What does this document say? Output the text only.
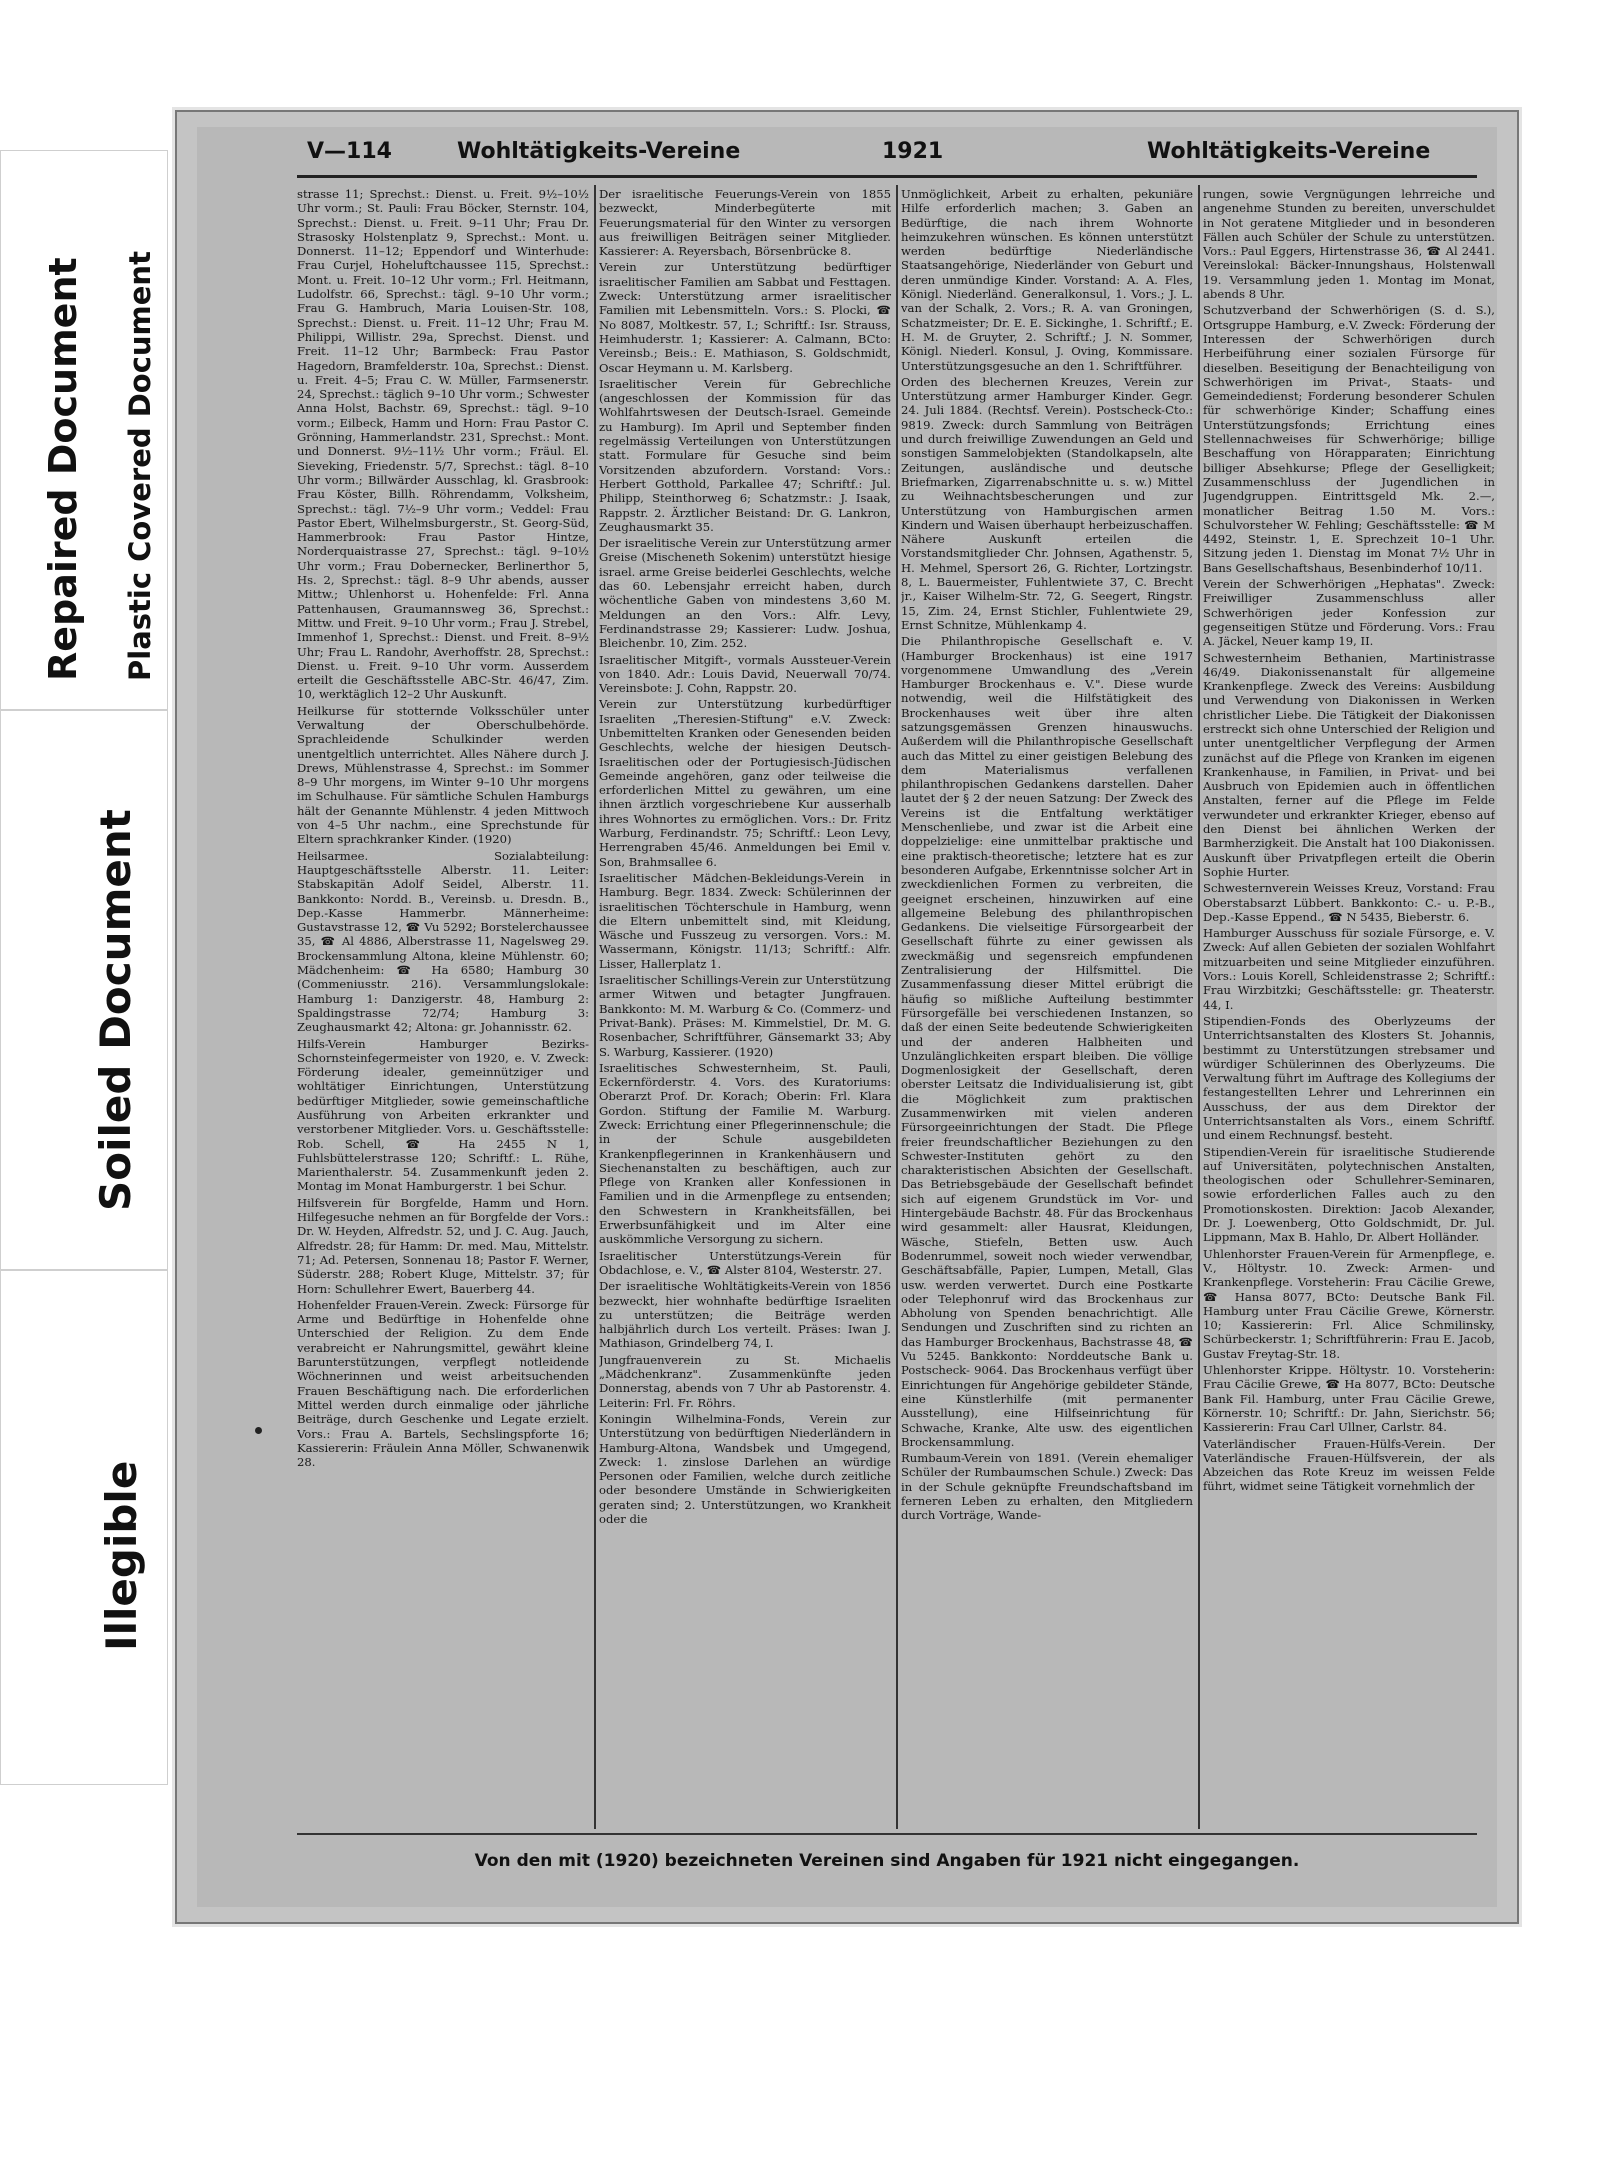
Repaired Document Plastic Covered Document
Soiled Document
Illegible
V—114	Wohltätigkeits-Vereine	1921	Wohltätigkeits-Vereine

strasse 11; Sprechst.: Dienst. u. Freit. 9½–10½ Uhr vorm.; St. Pauli: Frau Böcker, Sternstr. 104, Sprechst.: Dienst. u. Freit. 9–11 Uhr; Frau Dr. Strasosky Holstenplatz 9, Sprechst.: Mont. u. Donnerst. 11–12; Eppendorf und Winterhude: Frau Curjel, Hoheluftchaussee 115, Sprechst.: Mont. u. Freit. 10–12 Uhr vorm.; Frl. Heitmann, Ludolfstr. 66, Sprechst.: tägl. 9–10 Uhr vorm.; Frau G. Hambruch, Maria Louisen-Str. 108, Sprechst.: Dienst. u. Freit. 11–12 Uhr; Frau M. Philippi, Willistr. 29a, Sprechst. Dienst. und Freit. 11–12 Uhr; Barmbeck: Frau Pastor Hagedorn, Bramfelderstr. 10a, Sprechst.: Dienst. u. Freit. 4–5; Frau C. W. Müller, Farmsenerstr. 24, Sprechst.: täglich 9–10 Uhr vorm.; Schwester Anna Holst, Bachstr. 69, Sprechst.: tägl. 9–10 vorm.; Eilbeck, Hamm und Horn: Frau Pastor C. Grönning, Hammerlandstr. 231, Sprechst.: Mont. und Donnerst. 9½–11½ Uhr vorm.; Fräul. El. Sieveking, Friedenstr. 5/7, Sprechst.: tägl. 8–10 Uhr vorm.; Billwärder Ausschlag, kl. Grasbrook: Frau Köster, Billh. Röhrendamm, Volksheim, Sprechst.: tägl. 7½–9 Uhr vorm.; Veddel: Frau Pastor Ebert, Wilhelmsburgerstr., St. Georg-Süd, Hammerbrook: Frau Pastor Hintze, Norderquaistrasse 27, Sprechst.: tägl. 9–10½ Uhr vorm.; Frau Dobernecker, Berlinerthor 5, Hs. 2, Sprechst.: tägl. 8–9 Uhr abends, ausser Mittw.; Uhlenhorst u. Hohenfelde: Frl. Anna Pattenhausen, Graumannsweg 36, Sprechst.: Mittw. und Freit. 9–10 Uhr vorm.; Frau J. Strebel, Immenhof 1, Sprechst.: Dienst. und Freit. 8–9½ Uhr; Frau L. Randohr, Averhoffstr. 28, Sprechst.: Dienst. u. Freit. 9–10 Uhr vorm. Ausserdem erteilt die Geschäftsstelle ABC-Str. 46/47, Zim. 10, werktäglich 12–2 Uhr Auskunft.

Heilkurse für stotternde Volksschüler unter Verwaltung der Oberschulbehörde. Sprachleidende Schulkinder werden unentgeltlich unterrichtet. Alles Nähere durch J. Drews, Mühlenstrasse 4, Sprechst.: im Sommer 8–9 Uhr morgens, im Winter 9–10 Uhr morgens im Schulhause. Für sämtliche Schulen Hamburgs hält der Genannte Mühlenstr. 4 jeden Mittwoch von 4–5 Uhr nachm., eine Sprechstunde für Eltern sprachkranker Kinder. (1920)

Heilsarmee. Sozialabteilung: Hauptgeschäftsstelle Alberstr. 11. Leiter: Stabskapitän Adolf Seidel, Alberstr. 11. Bankkonto: Nordd. B., Vereinsb. u. Dresdn. B., Dep.-Kasse Hammerbr. Männerheime: Gustavstrasse 12, ☎ Vu 5292; Borstelerchaussee 35, ☎ Al 4886, Alberstrasse 11, Nagelsweg 29. Brockensammlung Altona, kleine Mühlenstr. 60; Mädchenheim: ☎ Ha 6580; Hamburg 30 (Commeniusstr. 216). Versammlungslokale: Hamburg 1: Danzigerstr. 48, Hamburg 2: Spaldingstrasse 72/74; Hamburg 3: Zeughausmarkt 42; Altona: gr. Johannisstr. 62.

Hilfs-Verein Hamburger Bezirks-Schornsteinfegermeister von 1920, e. V. Zweck: Förderung idealer, gemeinnütziger und wohltätiger Einrichtungen, Unterstützung bedürftiger Mitglieder, sowie gemeinschaftliche Ausführung von Arbeiten erkrankter und verstorbener Mitglieder. Vors. u. Geschäftsstelle: Rob. Schell, ☎ Ha 2455 N 1, Fuhlsbüttelerstrasse 120; Schriftf.: L. Rühe, Marienthalerstr. 54. Zusammenkunft jeden 2. Montag im Monat Hamburgerstr. 1 bei Schur.

Hilfsverein für Borgfelde, Hamm und Horn. Hilfegesuche nehmen an für Borgfelde der Vors.: Dr. W. Heyden, Alfredstr. 52, und J. C. Aug. Jauch, Alfredstr. 28; für Hamm: Dr. med. Mau, Mittelstr. 71; Ad. Petersen, Sonnenau 18; Pastor F. Werner, Süderstr. 288; Robert Kluge, Mittelstr. 37; für Horn: Schullehrer Ewert, Bauerberg 44.

Hohenfelder Frauen-Verein. Zweck: Fürsorge für Arme und Bedürftige in Hohenfelde ohne Unterschied der Religion. Zu dem Ende verabreicht er Nahrungsmittel, gewährt kleine Barunterstützungen, verpflegt notleidende Wöchnerinnen und weist arbeitsuchenden Frauen Beschäftigung nach. Die erforderlichen Mittel werden durch einmalige oder jährliche Beiträge, durch Geschenke und Legate erzielt. Vors.: Frau A. Bartels, Sechslingspforte 16; Kassiererin: Fräulein Anna Möller, Schwanenwik 28.

Der israelitische Feuerungs-Verein von 1855 bezweckt, Minderbegüterte mit Feuerungsmaterial für den Winter zu versorgen aus freiwilligen Beiträgen seiner Mitglieder. Kassierer: A. Reyersbach, Börsenbrücke 8.

Verein zur Unterstützung bedürftiger israelitischer Familien am Sabbat und Festtagen. Zweck: Unterstützung armer israelitischer Familien mit Lebensmitteln. Vors.: S. Plocki, ☎ No 8087, Moltkestr. 57, I.; Schriftf.: Isr. Strauss, Heimhuderstr. 1; Kassierer: A. Calmann, BCto: Vereinsb.; Beis.: E. Mathiason, S. Goldschmidt, Oscar Heymann u. M. Karlsberg.

Israelitischer Verein für Gebrechliche (angeschlossen der Kommission für das Wohlfahrtswesen der Deutsch-Israel. Gemeinde zu Hamburg). Im April und September finden regelmässig Verteilungen von Unterstützungen statt. Formulare für Gesuche sind beim Vorsitzenden abzufordern. Vorstand: Vors.: Herbert Gotthold, Parkallee 47; Schriftf.: Jul. Philipp, Steinthorweg 6; Schatzmstr.: J. Isaak, Rappstr. 2. Ärztlicher Beistand: Dr. G. Lankron, Zeughausmarkt 35.

Der israelitische Verein zur Unterstützung armer Greise (Mischeneth Sokenim) unterstützt hiesige israel. arme Greise beiderlei Geschlechts, welche das 60. Lebensjahr erreicht haben, durch wöchentliche Gaben von mindestens 3,60 M. Meldungen an den Vors.: Alfr. Levy, Ferdinandstrasse 29; Kassierer: Ludw. Joshua, Bleichenbr. 10, Zim. 252.

Israelitischer Mitgift-, vormals Aussteuer-Verein von 1840. Adr.: Louis David, Neuerwall 70/74. Vereinsbote: J. Cohn, Rappstr. 20.

Verein zur Unterstützung kurbedürftiger Israeliten „Theresien-Stiftung" e.V. Zweck: Unbemittelten Kranken oder Genesenden beiden Geschlechts, welche der hiesigen Deutsch-Israelitischen oder der Portugiesisch-Jüdischen Gemeinde angehören, ganz oder teilweise die erforderlichen Mittel zu gewähren, um eine ihnen ärztlich vorgeschriebene Kur ausserhalb ihres Wohnortes zu ermöglichen. Vors.: Dr. Fritz Warburg, Ferdinandstr. 75; Schriftf.: Leon Levy, Herrengraben 45/46. Anmeldungen bei Emil v. Son, Brahmsallee 6.

Israelitischer Mädchen-Bekleidungs-Verein in Hamburg. Begr. 1834. Zweck: Schülerinnen der israelitischen Töchterschule in Hamburg, wenn die Eltern unbemittelt sind, mit Kleidung, Wäsche und Fusszeug zu versorgen. Vors.: M. Wassermann, Königstr. 11/13; Schriftf.: Alfr. Lisser, Hallerplatz 1.

Israelitischer Schillings-Verein zur Unterstützung armer Witwen und betagter Jungfrauen. Bankkonto: M. M. Warburg & Co. (Commerz- und Privat-Bank). Präses: M. Kimmelstiel, Dr. M. G. Rosenbacher, Schriftführer, Gänsemarkt 33; Aby S. Warburg, Kassierer. (1920)

Israelitisches Schwesternheim, St. Pauli, Eckernförderstr. 4. Vors. des Kuratoriums: Oberarzt Prof. Dr. Korach; Oberin: Frl. Klara Gordon. Stiftung der Familie M. Warburg. Zweck: Errichtung einer Pflegerinnenschule; die in der Schule ausgebildeten Krankenpflegerinnen in Krankenhäusern und Siechenanstalten zu beschäftigen, auch zur Pflege von Kranken aller Konfessionen in Familien und in die Armenpflege zu entsenden; den Schwestern in Krankheitsfällen, bei Erwerbsunfähigkeit und im Alter eine auskömmliche Versorgung zu sichern.

Israelitischer Unterstützungs-Verein für Obdachlose, e. V., ☎ Alster 8104, Westerstr. 27.

Der israelitische Wohltätigkeits-Verein von 1856 bezweckt, hier wohnhafte bedürftige Israeliten zu unterstützen; die Beiträge werden halbjährlich durch Los verteilt. Präses: Iwan J. Mathiason, Grindelberg 74, I.

Jungfrauenverein zu St. Michaelis „Mädchenkranz". Zusammenkünfte jeden Donnerstag, abends von 7 Uhr ab Pastorenstr. 4. Leiterin: Frl. Fr. Röhrs.

Koningin Wilhelmina-Fonds, Verein zur Unterstützung von bedürftigen Niederländern in Hamburg-Altona, Wandsbek und Umgegend, Zweck: 1. zinslose Darlehen an würdige Personen oder Familien, welche durch zeitliche oder besondere Umstände in Schwierigkeiten geraten sind; 2. Unterstützungen, wo Krankheit oder die

Unmöglichkeit, Arbeit zu erhalten, pekuniäre Hilfe erforderlich machen; 3. Gaben an Bedürftige, die nach ihrem Wohnorte heimzukehren wünschen. Es können unterstützt werden bedürftige Niederländische Staatsangehörige, Niederländer von Geburt und deren unmündige Kinder. Vorstand: A. A. Fles, Königl. Niederländ. Generalkonsul, 1. Vors.; J. L. van der Schalk, 2. Vors.; R. A. van Groningen, Schatzmeister; Dr. E. E. Sickinghe, 1. Schriftf.; E. H. M. de Gruyter, 2. Schriftf.; J. N. Sommer, Königl. Niederl. Konsul, J. Oving, Kommissare. Unterstützungsgesuche an den 1. Schriftführer.

Orden des blechernen Kreuzes, Verein zur Unterstützung armer Hamburger Kinder. Gegr. 24. Juli 1884. (Rechtsf. Verein). Postscheck-Cto.: 9819. Zweck: durch Sammlung von Beiträgen und durch freiwillige Zuwendungen an Geld und sonstigen Sammelobjekten (Standolkapseln, alte Zeitungen, ausländische und deutsche Briefmarken, Zigarrenabschnitte u. s. w.) Mittel zu Weihnachtsbescherungen und zur Unterstützung von Hamburgischen armen Kindern und Waisen überhaupt herbeizuschaffen. Nähere Auskunft erteilen die Vorstandsmitglieder Chr. Johnsen, Agathenstr. 5, H. Mehmel, Spersort 26, G. Richter, Lortzingstr. 8, L. Bauermeister, Fuhlentwiete 37, C. Brecht jr., Kaiser Wilhelm-Str. 72, G. Seegert, Ringstr. 15, Zim. 24, Ernst Stichler, Fuhlentwiete 29, Ernst Schnitze, Mühlenkamp 4.

Die Philanthropische Gesellschaft e. V. (Hamburger Brockenhaus) ist eine 1917 vorgenommene Umwandlung des „Verein Hamburger Brockenhaus e. V.". Diese wurde notwendig, weil die Hilfstätigkeit des Brockenhauses weit über ihre alten satzungsgemässen Grenzen hinauswuchs. Außerdem will die Philanthropische Gesellschaft auch das Mittel zu einer geistigen Belebung des dem Materialismus verfallenen philanthropischen Gedankens darstellen. Daher lautet der § 2 der neuen Satzung: Der Zweck des Vereins ist die Entfaltung werktätiger Menschenliebe, und zwar ist die Arbeit eine doppelzielige: eine unmittelbar praktische und eine praktisch-theoretische; letztere hat es zur besonderen Aufgabe, Erkenntnisse solcher Art in zweckdienlichen Formen zu verbreiten, die geeignet erscheinen, hinzuwirken auf eine allgemeine Belebung des philanthropischen Gedankens. Die vielseitige Fürsorgearbeit der Gesellschaft führte zu einer gewissen als zweckmäßig und segensreich empfundenen Zentralisierung der Hilfsmittel. Die Zusammenfassung dieser Mittel erübrigt die häufig so mißliche Aufteilung bestimmter Fürsorgefälle bei verschiedenen Instanzen, so daß der einen Seite bedeutende Schwierigkeiten und der anderen Halbheiten und Unzulänglichkeiten erspart bleiben. Die völlige Dogmenlosigkeit der Gesellschaft, deren oberster Leitsatz die Individualisierung ist, gibt die Möglichkeit zum praktischen Zusammenwirken mit vielen anderen Fürsorgeeinrichtungen der Stadt. Die Pflege freier freundschaftlicher Beziehungen zu den Schwester-Instituten gehört zu den charakteristischen Absichten der Gesellschaft. Das Betriebsgebäude der Gesellschaft befindet sich auf eigenem Grundstück im Vor- und Hintergebäude Bachstr. 48. Für das Brockenhaus wird gesammelt: aller Hausrat, Kleidungen, Wäsche, Stiefeln, Betten usw. Auch Bodenrummel, soweit noch wieder verwendbar, Geschäftsabfälle, Papier, Lumpen, Metall, Glas usw. werden verwertet. Durch eine Postkarte oder Telephonruf wird das Brockenhaus zur Abholung von Spenden benachrichtigt. Alle Sendungen und Zuschriften sind zu richten an das Hamburger Brockenhaus, Bachstrasse 48, ☎ Vu 5245. Bankkonto: Norddeutsche Bank u. Postscheck- 9064. Das Brockenhaus verfügt über Einrichtungen für Angehörige gebildeter Stände, eine Künstlerhilfe (mit permanenter Ausstellung), eine Hilfseinrichtung für Schwache, Kranke, Alte usw. des eigentlichen Brockensammlung.

Rumbaum-Verein von 1891. (Verein ehemaliger Schüler der Rumbaumschen Schule.) Zweck: Das in der Schule geknüpfte Freundschaftsband im ferneren Leben zu erhalten, den Mitgliedern durch Vorträge, Wande-

rungen, sowie Vergnügungen lehrreiche und angenehme Stunden zu bereiten, unverschuldet in Not geratene Mitglieder und in besonderen Fällen auch Schüler der Schule zu unterstützen. Vors.: Paul Eggers, Hirtenstrasse 36, ☎ Al 2441. Vereinslokal: Bäcker-Innungshaus, Holstenwall 19. Versammlung jeden 1. Montag im Monat, abends 8 Uhr.

Schutzverband der Schwerhörigen (S. d. S.), Ortsgruppe Hamburg, e.V. Zweck: Förderung der Interessen der Schwerhörigen durch Herbeiführung einer sozialen Fürsorge für dieselben. Beseitigung der Benachteiligung von Schwerhörigen im Privat-, Staats- und Gemeindedienst; Forderung besonderer Schulen für schwerhörige Kinder; Schaffung eines Unterstützungsfonds; Errichtung eines Stellennachweises für Schwerhörige; billige Beschaffung von Hörapparaten; Einrichtung billiger Absehkurse; Pflege der Geselligkeit; Zusammenschluss der Jugendlichen in Jugendgruppen. Eintrittsgeld Mk. 2.—, monatlicher Beitrag 1.50 M. Vors.: Schulvorsteher W. Fehling; Geschäftsstelle: ☎ M 4492, Steinstr. 1, E. Sprechzeit 10–1 Uhr. Sitzung jeden 1. Dienstag im Monat 7½ Uhr in Bans Gesellschaftshaus, Besenbinderhof 10/11.

Verein der Schwerhörigen „Hephatas". Zweck: Freiwilliger Zusammenschluss aller Schwerhörigen jeder Konfession zur gegenseitigen Stütze und Förderung. Vors.: Frau A. Jäckel, Neuer kamp 19, II.

Schwesternheim Bethanien, Martinistrasse 46/49. Diakonissenanstalt für allgemeine Krankenpflege. Zweck des Vereins: Ausbildung und Verwendung von Diakonissen in Werken christlicher Liebe. Die Tätigkeit der Diakonissen erstreckt sich ohne Unterschied der Religion und unter unentgeltlicher Verpflegung der Armen zunächst auf die Pflege von Kranken im eigenen Krankenhause, in Familien, in Privat- und bei Ausbruch von Epidemien auch in öffentlichen Anstalten, ferner auf die Pflege im Felde verwundeter und erkrankter Krieger, ebenso auf den Dienst bei ähnlichen Werken der Barmherzigkeit. Die Anstalt hat 100 Diakonissen. Auskunft über Privatpflegen erteilt die Oberin Sophie Hurter.

Schwesternverein Weisses Kreuz, Vorstand: Frau Oberstabsarzt Lübbert. Bankkonto: C.- u. P.-B., Dep.-Kasse Eppend., ☎ N 5435, Bieberstr. 6.

Hamburger Ausschuss für soziale Fürsorge, e. V. Zweck: Auf allen Gebieten der sozialen Wohlfahrt mitzuarbeiten und seine Mitglieder einzuführen. Vors.: Louis Korell, Schleidenstrasse 2; Schriftf.: Frau Wirzbitzki; Geschäftsstelle: gr. Theaterstr. 44, I.

Stipendien-Fonds des Oberlyzeums der Unterrichtsanstalten des Klosters St. Johannis, bestimmt zu Unterstützungen strebsamer und würdiger Schülerinnen des Oberlyzeums. Die Verwaltung führt im Auftrage des Kollegiums der festangestellten Lehrer und Lehrerinnen ein Ausschuss, der aus dem Direktor der Unterrichtsanstalten als Vors., einem Schriftf. und einem Rechnungsf. besteht.

Stipendien-Verein für israelitische Studierende auf Universitäten, polytechnischen Anstalten, theologischen oder Schullehrer-Seminaren, sowie erforderlichen Falles auch zu den Promotionskosten. Direktion: Jacob Alexander, Dr. J. Loewenberg, Otto Goldschmidt, Dr. Jul. Lippmann, Max B. Hahlo, Dr. Albert Holländer.

Uhlenhorster Frauen-Verein für Armenpflege, e. V., Höltystr. 10. Zweck: Armen- und Krankenpflege. Vorsteherin: Frau Cäcilie Grewe, ☎ Hansa 8077, BCto: Deutsche Bank Fil. Hamburg unter Frau Cäcilie Grewe, Körnerstr. 10; Kassiererin: Frl. Alice Schmilinsky, Schürbeckerstr. 1; Schriftführerin: Frau E. Jacob, Gustav Freytag-Str. 18.

Uhlenhorster Krippe. Höltystr. 10. Vorsteherin: Frau Cäcilie Grewe, ☎ Ha 8077, BCto: Deutsche Bank Fil. Hamburg, unter Frau Cäcilie Grewe, Körnerstr. 10; Schriftf.: Dr. Jahn, Sierichstr. 56; Kassiererin: Frau Carl Ullner, Carlstr. 84.

Vaterländischer Frauen-Hülfs-Verein. Der Vaterländische Frauen-Hülfsverein, der als Abzeichen das Rote Kreuz im weissen Felde führt, widmet seine Tätigkeit vornehmlich der

Von den mit (1920) bezeichneten Vereinen sind Angaben für 1921 nicht eingegangen.
